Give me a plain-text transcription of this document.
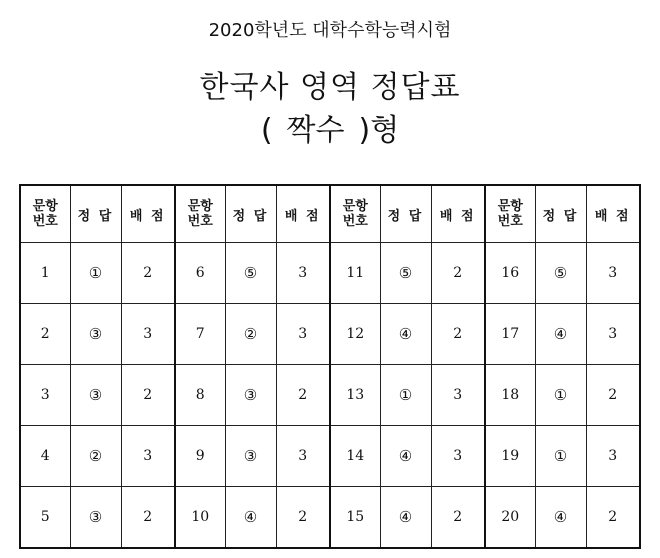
2020학년도 대학수학능력시험
한국사 영역 정답표
( 짝수 )형
문항
번호	정 답	배 점	문항
번호	정 답	배 점	문항
번호	정 답	배 점	문항
번호	정 답	배 점
1	①	2	6	⑤	3	11	⑤	2	16	⑤	3
2	③	3	7	②	3	12	④	2	17	④	3
3	③	2	8	③	2	13	①	3	18	①	2
4	②	3	9	③	3	14	④	3	19	①	3
5	③	2	10	④	2	15	④	2	20	④	2
